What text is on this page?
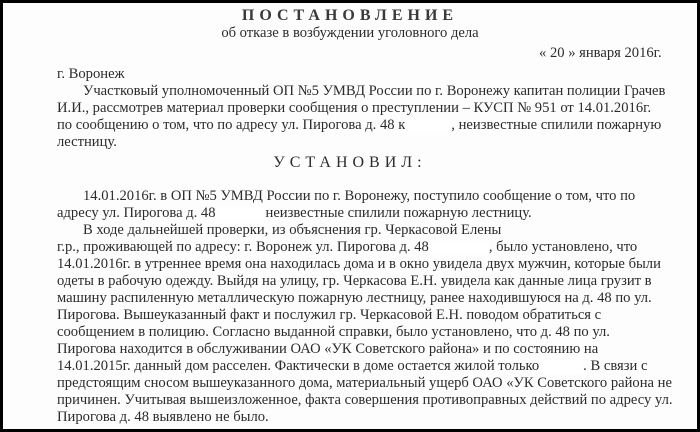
ПОСТАНОВЛЕНИЕ
об отказе в возбуждении уголовного дела
« 20 » января 2016г.
г. Воронеж
Участковый уполномоченный ОП №5 УМВД России по г. Воронежу капитан полиции Грачев
И.И., рассмотрев материал проверки сообщения о преступлении – КУСП № 951 от 14.01.2016г.
по сообщению о том, что по адресу ул. Пирогова д. 48 к	, неизвестные спилили пожарную
лестницу.
УСТАНОВИЛ:
14.01.2016г. в ОП №5 УМВД России по г. Воронежу, поступило сообщение о том, что по
адресу ул. Пирогова д. 48	неизвестные спилили пожарную лестницу.
В ходе дальнейшей проверки, из объяснения гр. Черкасовой Елены
г.р., проживающей по адресу: г. Воронеж ул. Пирогова д. 48	, было установлено, что
14.01.2016г. в утреннее время она находилась дома и в окно увидела двух мужчин, которые были
одеты в рабочую одежду. Выйдя на улицу, гр. Черкасова Е.Н. увидела как данные лица грузит в
машину распиленную металлическую пожарную лестницу, ранее находившуюся на д. 48 по ул.
Пирогова. Вышеуказанный факт и послужил гр. Черкасовой Е.Н. поводом обратиться с
сообщением в полицию. Согласно выданной справки, было установлено, что д. 48 по ул.
Пирогова находится в обслуживании ОАО «УК Советского района» и по состоянию на
14.01.2015г. данный дом расселен. Фактически в доме остается жилой только	. В связи с
предстоящим сносом вышеуказанного дома, материальный ущерб ОАО «УК Советского района не
причинен. Учитывая вышеизложенное, факта совершения противоправных действий по адресу ул.
Пирогова д. 48 выявлено не было.
